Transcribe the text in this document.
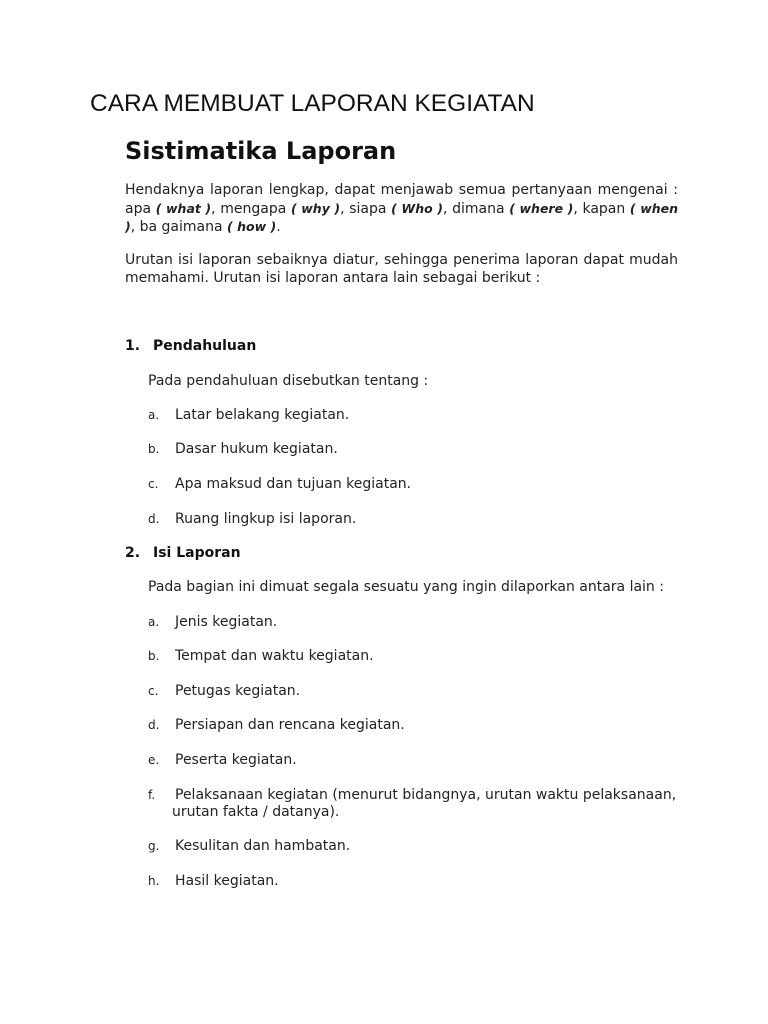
CARA MEMBUAT LAPORAN KEGIATAN
Sistimatika Laporan

Hendaknya laporan lengkap, dapat menjawab semua pertanyaan mengenai : apa ( what ), mengapa ( why ), siapa ( Who ), dimana ( where ), kapan ( when ), ba gaimana ( how ).

Urutan isi laporan sebaiknya diatur, sehingga penerima laporan dapat mudah memahami. Urutan isi laporan antara lain sebagai berikut :

1. Pendahuluan

Pada pendahuluan disebutkan tentang :

a. Latar belakang kegiatan.

b. Dasar hukum kegiatan.

c. Apa maksud dan tujuan kegiatan.

d. Ruang lingkup isi laporan.

2. Isi Laporan

Pada bagian ini dimuat segala sesuatu yang ingin dilaporkan antara lain :

a. Jenis kegiatan.

b. Tempat dan waktu kegiatan.

c. Petugas kegiatan.

d. Persiapan dan rencana kegiatan.

e. Peserta kegiatan.

f. Pelaksanaan kegiatan (menurut bidangnya, urutan waktu pelaksanaan,
urutan fakta / datanya).

g. Kesulitan dan hambatan.

h. Hasil kegiatan.
